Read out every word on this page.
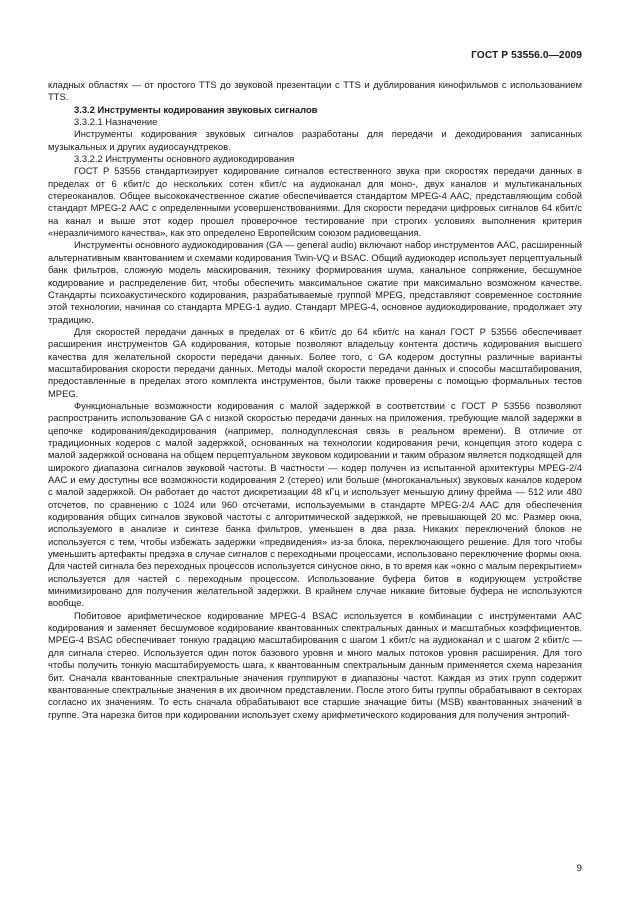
ГОСТ Р 53556.0—2009

кладных областях — от простого TTS до звуковой презентации с TTS и дублирования кинофильмов с использованием TTS.

3.3.2 Инструменты кодирования звуковых сигналов

3.3.2.1 Назначение

Инструменты кодирования звуковых сигналов разработаны для передачи и декодирования записанных музыкальных и других аудиосаундтреков.

3.3.2.2 Инструменты основного аудиокодирования

ГОСТ Р 53556 стандартизирует кодирование сигналов естественного звука при скоростях передачи данных в пределах от 6 кбит/с до нескольких сотен кбит/с на аудиоканал для моно-, двух каналов и мультиканальных стереоканалов. Общее высококачественное сжатие обеспечивается стандартом MPEG-4 AAC, представляющим собой стандарт MPEG-2 AAC с определенными усовершенствованиями. Для скорости передачи цифровых сигналов 64 кбит/с на канал и выше этот кодер прошел проверочное тестирование при строгих условиях выполнения критерия «неразличимого качества», как это определено Европейским союзом радиовещания.

Инструменты основного аудиокодирования (GA — general audio) включают набор инструментов AAC, расширенный альтернативным квантованием и схемами кодирования Twin-VQ и BSAC. Общий аудиокодер использует перцептуальный банк фильтров, сложную модель маскирования, технику формирования шума, канальное сопряжение, бесшумное кодирование и распределение бит, чтобы обеспечить максимальное сжатие при максимально возможном качестве. Стандарты психоакустического кодирования, разрабатываемые группой MPEG, представляют современное состояние этой технологии, начиная со стандарта MPEG-1 аудио. Стандарт MPEG-4, основное аудиокодирование, продолжает эту традицию.

Для скоростей передачи данных в пределах от 6 кбит/с до 64 кбит/с на канал ГОСТ Р 53556 обеспечивает расширения инструментов GA кодирования, которые позволяют владельцу контента достичь кодирования высшего качества для желательной скорости передачи данных. Более того, с GA кодером доступны различные варианты масштабирования скорости передачи данных. Методы малой скорости передачи данных и способы масштабирования, предоставленные в пределах этого комплекта инструментов, были также проверены с помощью формальных тестов MPEG.

Функциональные возможности кодирования с малой задержкой в соответствии с ГОСТ Р 53556 позволяют распространить использование GA с низкой скоростью передачи данных на приложения, требующие малой задержки в цепочке кодирования/декодирования (например, полнодуплексная связь в реальном времени). В отличие от традиционных кодеров с малой задержкой, основанных на технологии кодирования речи, концепция этого кодера с малой задержкой основана на общем перцептуальном звуковом кодировании и таким образом является подходящей для широкого диапазона сигналов звуковой частоты. В частности — кодер получен из испытанной архитектуры MPEG-2/4 AAC и ему доступны все возможности кодирования 2 (стерео) или больше (многоканальных) звуковых каналов кодером с малой задержкой. Он работает до частот дискретизации 48 кГц и использует меньшую длину фрейма — 512 или 480 отсчетов, по сравнению с 1024 или 960 отсчетами, используемыми в стандарте MPEG-2/4 AAC для обеспечения кодирования общих сигналов звуковой частоты с алгоритмической задержкой, не превышающей 20 мс. Размер окна, используемого в анализе и синтезе банка фильтров, уменьшен в два раза. Никаких переключений блоков не используется с тем, чтобы избежать задержки «предвидения» из-за блока, переключающего решение. Для того чтобы уменьшить артефакты предэха в случае сигналов с переходными процессами, использовано переключение формы окна. Для частей сигнала без переходных процессов используется синусное окно, в то время как «окно с малым перекрытием» используется для частей с переходным процессом. Использование буфера битов в кодирующем устройстве минимизировано для получения желательной задержки. В крайнем случае никакие битовые буфера не используются вообще.

Побитовое арифметическое кодирование MPEG-4 BSAC используется в комбинации с инструментами AAC кодирования и заменяет бесшумовое кодирование квантованных спектральных данных и масштабных коэффициентов. MPEG-4 BSAC обеспечивает тонкую градацию масштабирования с шагом 1 кбит/с на аудиоканал и с шагом 2 кбит/с — для сигнала стерео. Используется один поток базового уровня и много малых потоков уровня расширения. Для того чтобы получить тонкую масштабируемость шага, к квантованным спектральным данным применяется схема нарезания бит. Сначала квантованные спектральные значения группируют в диапазоны частот. Каждая из этих групп содержит квантованные спектральные значения в их двоичном представлении. После этого биты группы обрабатывают в секторах согласно их значениям. То есть сначала обрабатывают все старшие значащие биты (MSB) квантованных значений в группе. Эта нарезка битов при кодировании использует схему арифметического кодирования для получения энтропий-

9
